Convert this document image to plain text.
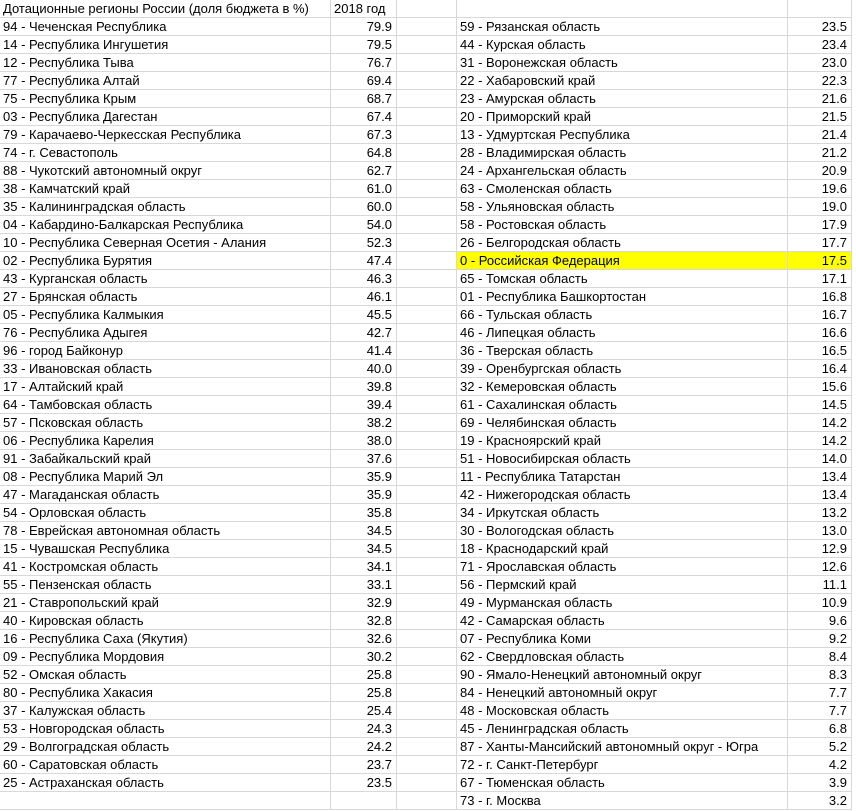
Дотационные регионы России (доля бюджета в %)	2018 год
94 - Чеченская Республика	79.9	59 - Рязанская область	23.5
14 - Республика Ингушетия	79.5	44 - Курская область	23.4
12 - Республика Тыва	76.7	31 - Воронежская область	23.0
77 - Республика Алтай	69.4	22 - Хабаровский край	22.3
75 - Республика Крым	68.7	23 - Амурская область	21.6
03 - Республика Дагестан	67.4	20 - Приморский край	21.5
79 - Карачаево-Черкесская Республика	67.3	13 - Удмуртская Республика	21.4
74 - г. Севастополь	64.8	28 - Владимирская область	21.2
88 - Чукотский автономный округ	62.7	24 - Архангельская область	20.9
38 - Камчатский край	61.0	63 - Смоленская область	19.6
35 - Калининградская область	60.0	58 - Ульяновская область	19.0
04 - Кабардино-Балкарская Республика	54.0	58 - Ростовская область	17.9
10 - Республика Северная Осетия - Алания	52.3	26 - Белгородская область	17.7
02 - Республика Бурятия	47.4	0 - Российская Федерация	17.5
43 - Курганская область	46.3	65 - Томская область	17.1
27 - Брянская область	46.1	01 - Республика Башкортостан	16.8
05 - Республика Калмыкия	45.5	66 - Тульская область	16.7
76 - Республика Адыгея	42.7	46 - Липецкая область	16.6
96 - город Байконур	41.4	36 - Тверская область	16.5
33 - Ивановская область	40.0	39 - Оренбургская область	16.4
17 - Алтайский край	39.8	32 - Кемеровская область	15.6
64 - Тамбовская область	39.4	61 - Сахалинская область	14.5
57 - Псковская область	38.2	69 - Челябинская область	14.2
06 - Республика Карелия	38.0	19 - Красноярский край	14.2
91 - Забайкальский край	37.6	51 - Новосибирская область	14.0
08 - Республика Марий Эл	35.9	11 - Республика Татарстан	13.4
47 - Магаданская область	35.9	42 - Нижегородская область	13.4
54 - Орловская область	35.8	34 - Иркутская область	13.2
78 - Еврейская автономная область	34.5	30 - Вологодская область	13.0
15 - Чувашская Республика	34.5	18 - Краснодарский край	12.9
41 - Костромская область	34.1	71 - Ярославская область	12.6
55 - Пензенская область	33.1	56 - Пермский край	11.1
21 - Ставропольский край	32.9	49 - Мурманская область	10.9
40 - Кировская область	32.8	42 - Самарская область	9.6
16 - Республика Саха (Якутия)	32.6	07 - Республика Коми	9.2
09 - Республика Мордовия	30.2	62 - Свердловская область	8.4
52 - Омская область	25.8	90 - Ямало-Ненецкий автономный округ	8.3
80 - Республика Хакасия	25.8	84 - Ненецкий автономный округ	7.7
37 - Калужская область	25.4	48 - Московская область	7.7
53 - Новгородская область	24.3	45 - Ленинградская область	6.8
29 - Волгоградская область	24.2	87 - Ханты-Мансийский автономный округ - Югра	5.2
60 - Саратовская область	23.7	72 - г. Санкт-Петербург	4.2
25 - Астраханская область	23.5	67 - Тюменская область	3.9
73 - г. Москва	3.2
